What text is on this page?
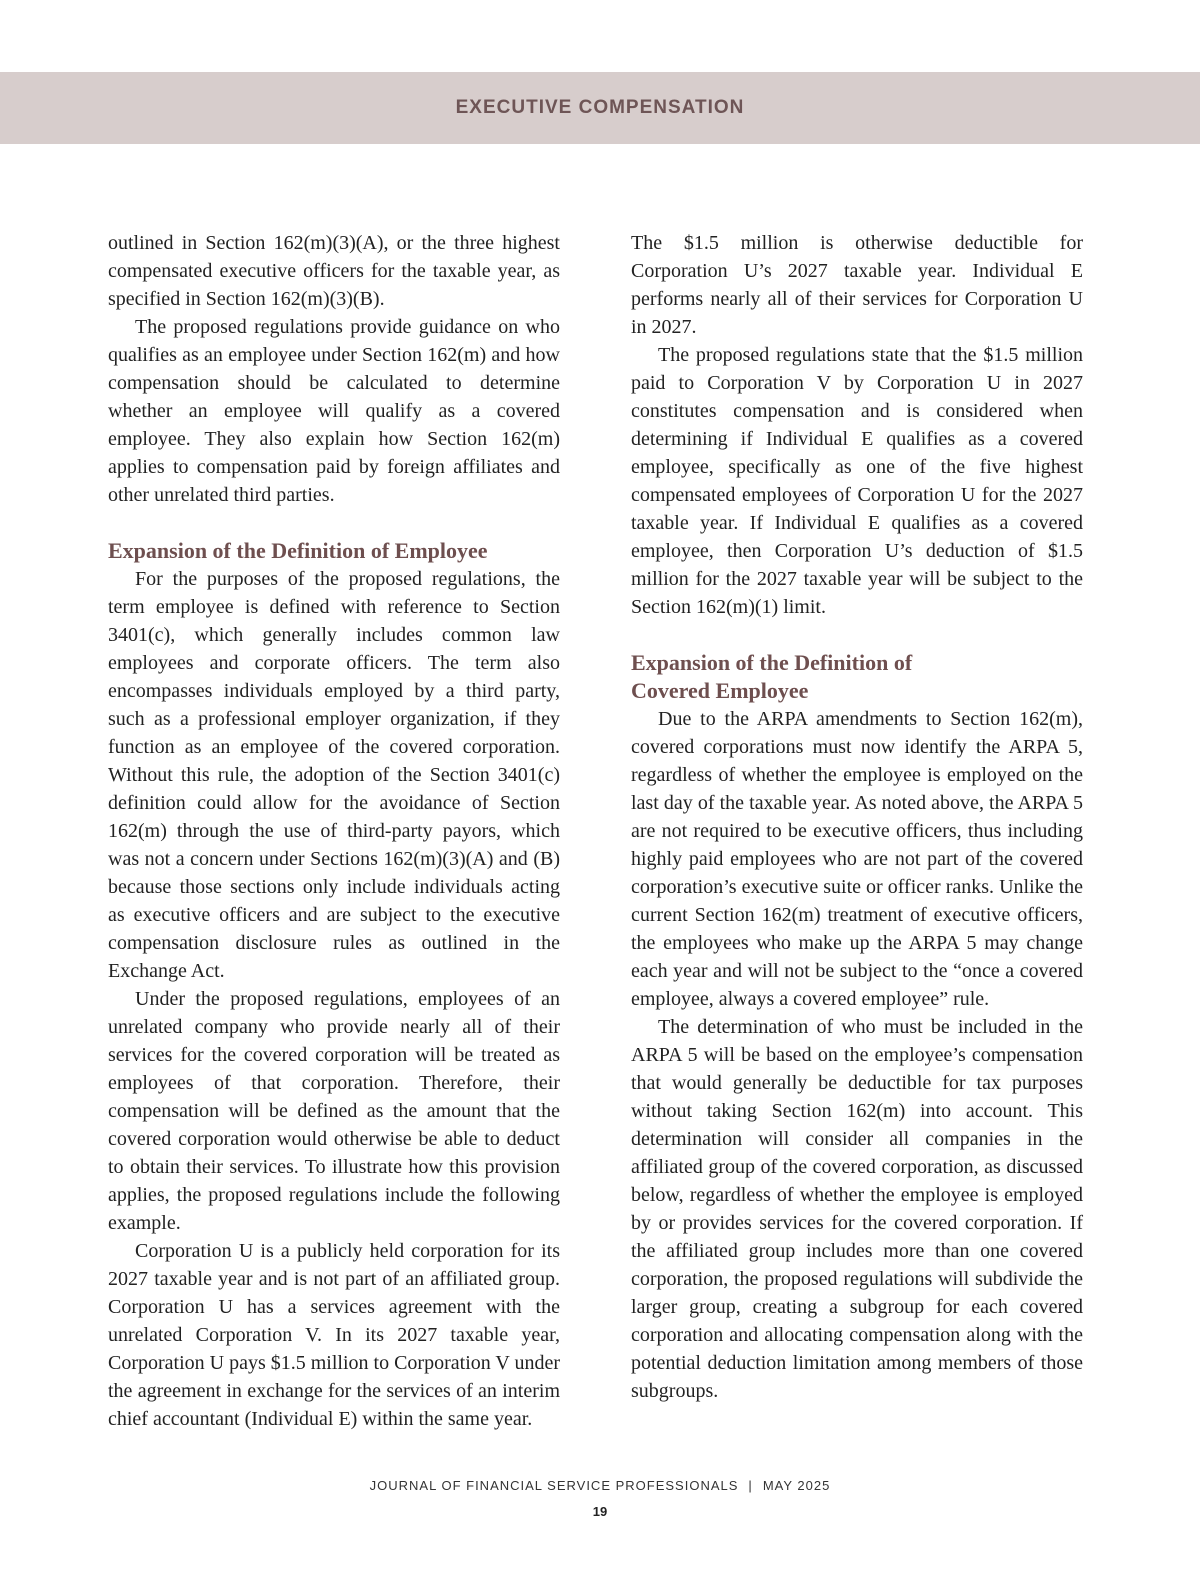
EXECUTIVE COMPENSATION

outlined in Section 162(m)(3)(A), or the three highest compensated executive officers for the taxable year, as specified in Section 162(m)(3)(B).

The proposed regulations provide guidance on who qualifies as an employee under Section 162(m) and how compensation should be calculated to determine whether an employee will qualify as a covered employee. They also explain how Section 162(m) applies to compensation paid by foreign affiliates and other unrelated third parties.

Expansion of the Definition of Employee

For the purposes of the proposed regulations, the term employee is defined with reference to Section 3401(c), which generally includes common law employees and corporate officers. The term also encompasses individuals employed by a third party, such as a professional employer organization, if they function as an employee of the covered corporation. Without this rule, the adoption of the Section 3401(c) definition could allow for the avoidance of Section 162(m) through the use of third-party payors, which was not a concern under Sections 162(m)(3)(A) and (B) because those sections only include individuals acting as executive officers and are subject to the executive compensation disclosure rules as outlined in the Exchange Act.

Under the proposed regulations, employees of an unrelated company who provide nearly all of their services for the covered corporation will be treated as employees of that corporation. Therefore, their compensation will be defined as the amount that the covered corporation would otherwise be able to deduct to obtain their services. To illustrate how this provision applies, the proposed regulations include the following example.

Corporation U is a publicly held corporation for its 2027 taxable year and is not part of an affiliated group. Corporation U has a services agreement with the unrelated Corporation V. In its 2027 taxable year, Corporation U pays $1.5 million to Corporation V under the agreement in exchange for the services of an interim chief accountant (Individual E) within the same year.

The $1.5 million is otherwise deductible for Corporation U’s 2027 taxable year. Individual E performs nearly all of their services for Corporation U in 2027.

The proposed regulations state that the $1.5 million paid to Corporation V by Corporation U in 2027 constitutes compensation and is considered when determining if Individual E qualifies as a covered employee, specifically as one of the five highest compensated employees of Corporation U for the 2027 taxable year. If Individual E qualifies as a covered employee, then Corporation U’s deduction of $1.5 million for the 2027 taxable year will be subject to the Section 162(m)(1) limit.

Expansion of the Definition of
Covered Employee

Due to the ARPA amendments to Section 162(m), covered corporations must now identify the ARPA 5, regardless of whether the employee is employed on the last day of the taxable year. As noted above, the ARPA 5 are not required to be executive officers, thus including highly paid employees who are not part of the covered corporation’s executive suite or officer ranks. Unlike the current Section 162(m) treatment of executive officers, the employees who make up the ARPA 5 may change each year and will not be subject to the “once a covered employee, always a covered employee” rule.

The determination of who must be included in the ARPA 5 will be based on the employee’s compensation that would generally be deductible for tax purposes without taking Section 162(m) into account. This determination will consider all companies in the affiliated group of the covered corporation, as discussed below, regardless of whether the employee is employed by or provides services for the covered corporation. If the affiliated group includes more than one covered corporation, the proposed regulations will subdivide the larger group, creating a subgroup for each covered corporation and allocating compensation along with the potential deduction limitation among members of those subgroups.

JOURNAL OF FINANCIAL SERVICE PROFESSIONALS | MAY 2025
19
